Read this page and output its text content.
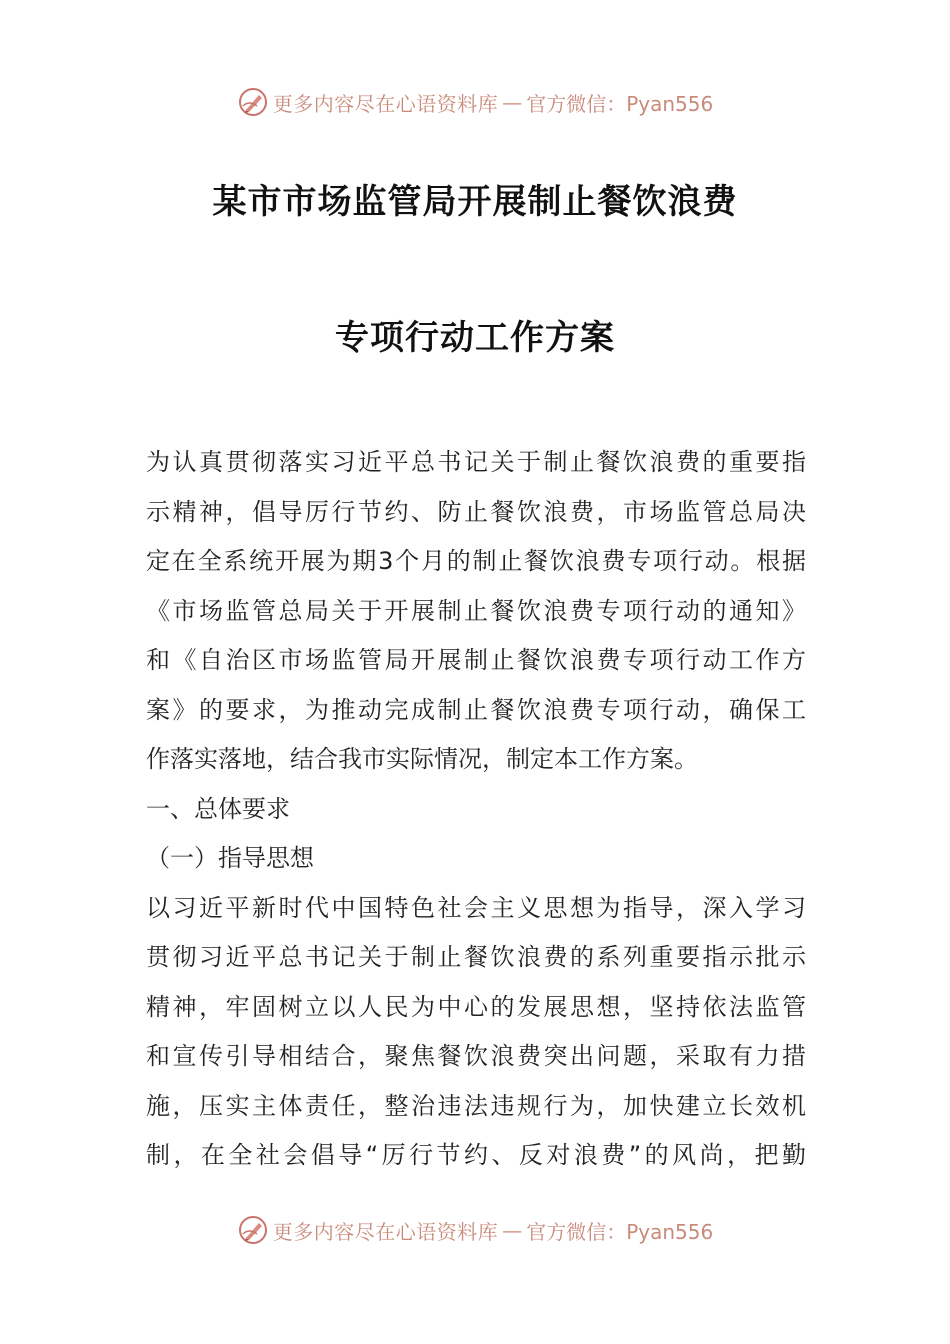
更多内容尽在心语资料库 — 官方微信：Pyan556
某市市场监管局开展制止餐饮浪费
专项行动工作方案
为认真贯彻落实习近平总书记关于制止餐饮浪费的重要指
示精神，倡导厉行节约、防止餐饮浪费，市场监管总局决
定在全系统开展为期3个月的制止餐饮浪费专项行动。根据
《市场监管总局关于开展制止餐饮浪费专项行动的通知》
和《自治区市场监管局开展制止餐饮浪费专项行动工作方
案》的要求，为推动完成制止餐饮浪费专项行动，确保工
作落实落地，结合我市实际情况，制定本工作方案。
一、总体要求
（一）指导思想
以习近平新时代中国特色社会主义思想为指导，深入学习
贯彻习近平总书记关于制止餐饮浪费的系列重要指示批示
精神，牢固树立以人民为中心的发展思想，坚持依法监管
和宣传引导相结合，聚焦餐饮浪费突出问题，采取有力措
施，压实主体责任，整治违法违规行为，加快建立长效机
制，在全社会倡导“厉行节约、反对浪费”的风尚，把勤
更多内容尽在心语资料库 — 官方微信：Pyan556
